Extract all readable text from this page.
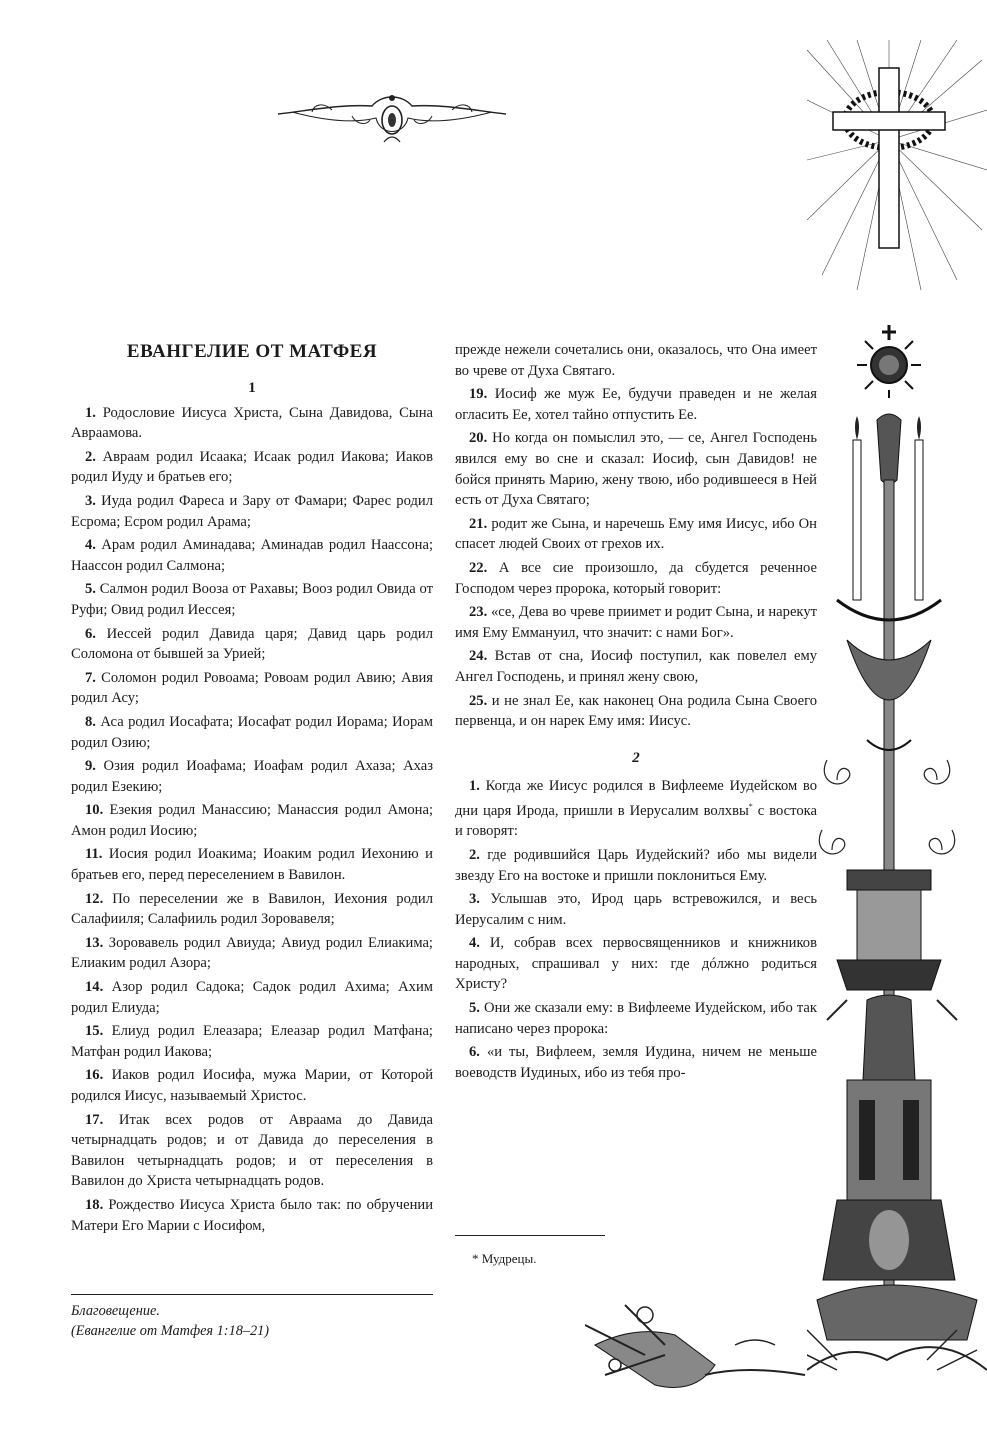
ЕВАНГЕЛИЕ ОТ МАТФЕЯ
1

1. Родословие Иисуса Христа, Сына Давидова, Сына Авраамова.

2. Авраам родил Исаака; Исаак родил Иакова; Иаков родил Иуду и братьев его;

3. Иуда родил Фареса и Зару от Фамари; Фарес родил Есрома; Есром родил Арама;

4. Арам родил Аминадава; Аминадав родил Наассона; Наассон родил Салмона;

5. Салмон родил Вооза от Рахавы; Вооз родил Овида от Руфи; Овид родил Иессея;

6. Иессей родил Давида царя; Давид царь родил Соломона от бывшей за Урией;

7. Соломон родил Ровоама; Ровоам родил Авию; Авия родил Асу;

8. Аса родил Иосафата; Иосафат родил Иорама; Иорам родил Озию;

9. Озия родил Иоафама; Иоафам родил Ахаза; Ахаз родил Езекию;

10. Езекия родил Манассию; Манассия родил Амона; Амон родил Иосию;

11. Иосия родил Иоакима; Иоаким родил Иехонию и братьев его, перед переселением в Вавилон.

12. По переселении же в Вавилон, Иехония родил Салафииля; Салафииль родил Зоровавеля;

13. Зоровавель родил Авиуда; Авиуд родил Елиакима; Елиаким родил Азора;

14. Азор родил Садока; Садок родил Ахима; Ахим родил Елиуда;

15. Елиуд родил Елеазара; Елеазар родил Матфана; Матфан родил Иакова;

16. Иаков родил Иосифа, мужа Марии, от Которой родился Иисус, называемый Христос.

17. Итак всех родов от Авраама до Давида четырнадцать родов; и от Давида до переселения в Вавилон четырнадцать родов; и от переселения в Вавилон до Христа четырнадцать родов.

18. Рождество Иисуса Христа было так: по обручении Матери Его Марии с Иосифом,

прежде нежели сочетались они, оказалось, что Она имеет во чреве от Духа Святаго.

19. Иосиф же муж Ее, будучи праведен и не желая огласить Ее, хотел тайно отпустить Ее.

20. Но когда он помыслил это, — се, Ангел Господень явился ему во сне и сказал: Иосиф, сын Давидов! не бойся принять Марию, жену твою, ибо родившееся в Ней есть от Духа Святаго;

21. родит же Сына, и наречешь Ему имя Иисус, ибо Он спасет людей Своих от грехов их.

22. А все сие произошло, да сбудется реченное Господом через пророка, который говорит:

23. «се, Дева во чреве приимет и родит Сына, и нарекут имя Ему Еммануил, что значит: с нами Бог».

24. Встав от сна, Иосиф поступил, как повелел ему Ангел Господень, и принял жену свою,

25. и не знал Ее, как наконец Она родила Сына Своего первенца, и он нарек Ему имя: Иисус.

2

1. Когда же Иисус родился в Вифлееме Иудейском во дни царя Ирода, пришли в Иерусалим волхвы* с востока и говорят:

2. где родившийся Царь Иудейский? ибо мы видели звезду Его на востоке и пришли поклониться Ему.

3. Услышав это, Ирод царь встревожился, и весь Иерусалим с ним.

4. И, собрав всех первосвященников и книжников народных, спрашивал у них: где дóлжно родиться Христу?

5. Они же сказали ему: в Вифлееме Иудейском, ибо так написано через пророка:

6. «и ты, Вифлеем, земля Иудина, ничем не меньше воеводств Иудиных, ибо из тебя про-

* Мудрецы.
Благовещение.
(Евангелие от Матфея 1:18–21)
